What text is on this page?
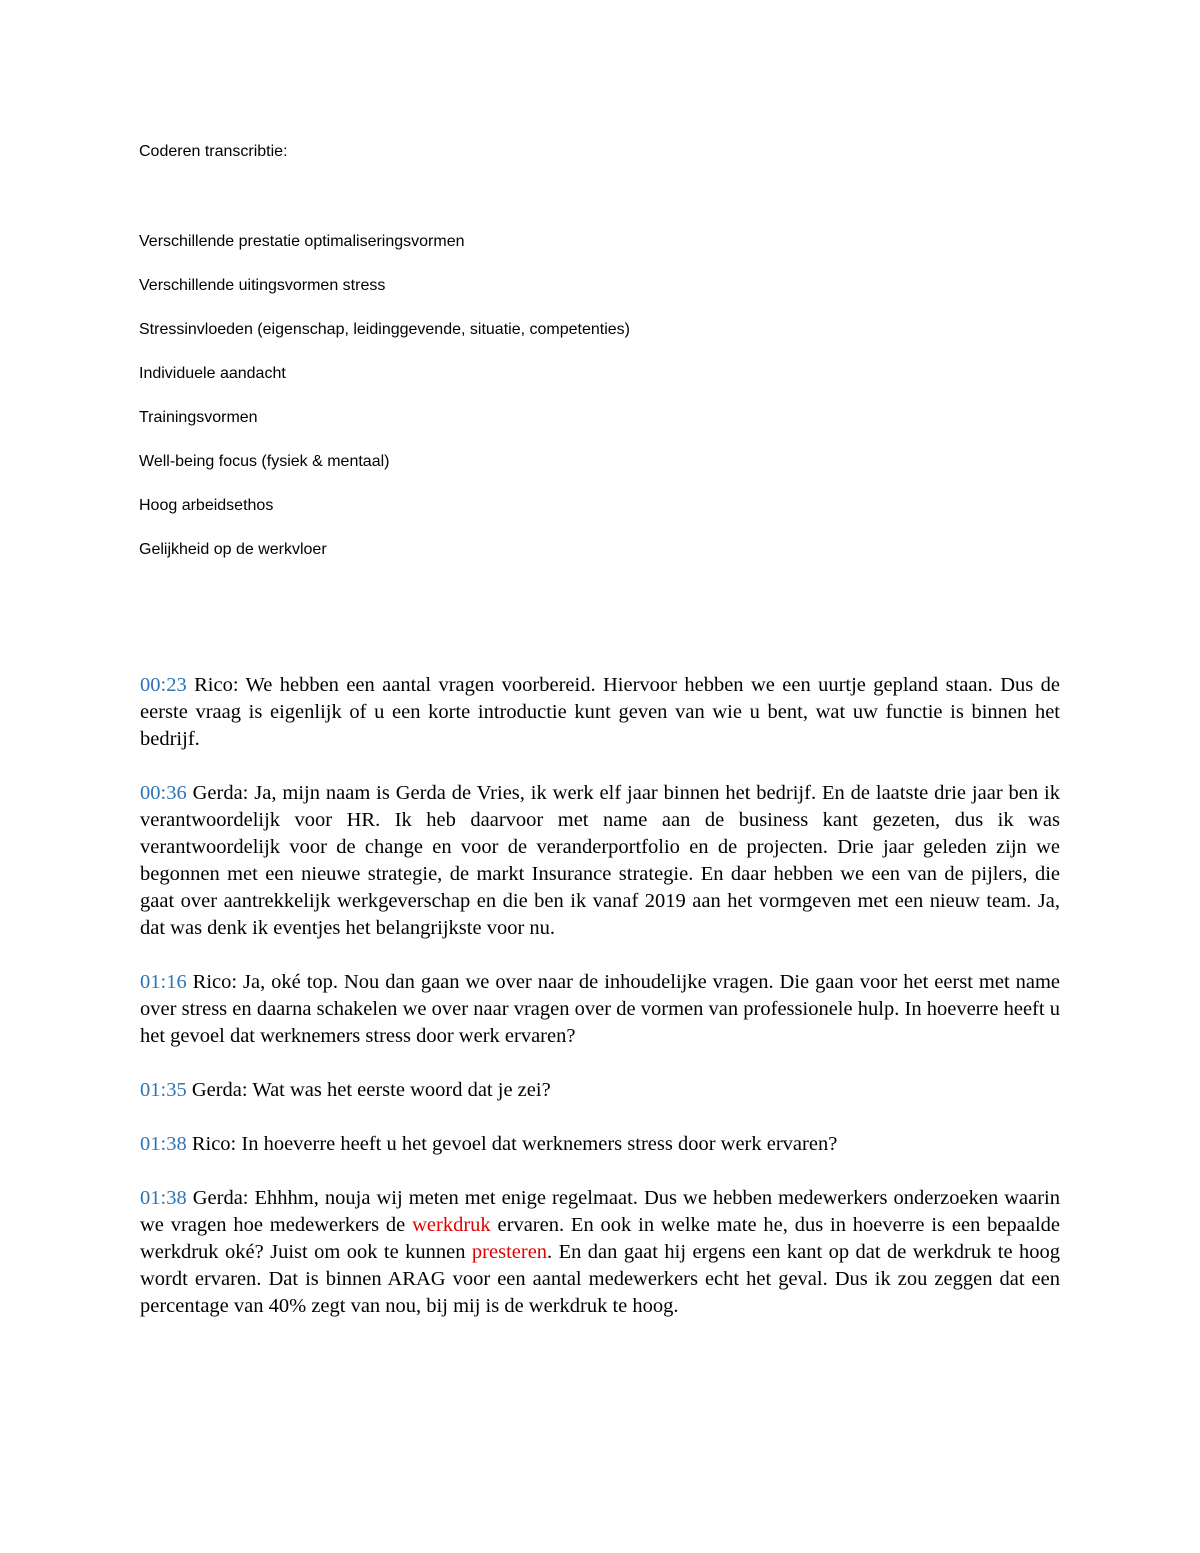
Coderen transcribtie:

Verschillende prestatie optimaliseringsvormen
Verschillende uitingsvormen stress
Stressinvloeden (eigenschap, leidinggevende, situatie, competenties)
Individuele aandacht
Trainingsvormen
Well-being focus (fysiek & mentaal)
Hoog arbeidsethos
Gelijkheid op de werkvloer

00:23 Rico: We hebben een aantal vragen voorbereid. Hiervoor hebben we een uurtje gepland staan. Dus de eerste vraag is eigenlijk of u een korte introductie kunt geven van wie u bent, wat uw functie is binnen het bedrijf.

00:36 Gerda: Ja, mijn naam is Gerda de Vries, ik werk elf jaar binnen het bedrijf. En de laatste drie jaar ben ik verantwoordelijk voor HR. Ik heb daarvoor met name aan de business kant gezeten, dus ik was verantwoordelijk voor de change en voor de veranderportfolio en de projecten. Drie jaar geleden zijn we begonnen met een nieuwe strategie, de markt Insurance strategie. En daar hebben we een van de pijlers, die gaat over aantrekkelijk werkgeverschap en die ben ik vanaf 2019 aan het vormgeven met een nieuw team. Ja, dat was denk ik eventjes het belangrijkste voor nu.

01:16 Rico: Ja, oké top. Nou dan gaan we over naar de inhoudelijke vragen. Die gaan voor het eerst met name over stress en daarna schakelen we over naar vragen over de vormen van professionele hulp. In hoeverre heeft u het gevoel dat werknemers stress door werk ervaren?

01:35 Gerda: Wat was het eerste woord dat je zei?

01:38 Rico: In hoeverre heeft u het gevoel dat werknemers stress door werk ervaren?

01:38 Gerda: Ehhhm, nouja wij meten met enige regelmaat. Dus we hebben medewerkers onderzoeken waarin we vragen hoe medewerkers de werkdruk ervaren. En ook in welke mate he, dus in hoeverre is een bepaalde werkdruk oké? Juist om ook te kunnen presteren. En dan gaat hij ergens een kant op dat de werkdruk te hoog wordt ervaren. Dat is binnen ARAG voor een aantal medewerkers echt het geval. Dus ik zou zeggen dat een percentage van 40% zegt van nou, bij mij is de werkdruk te hoog.
